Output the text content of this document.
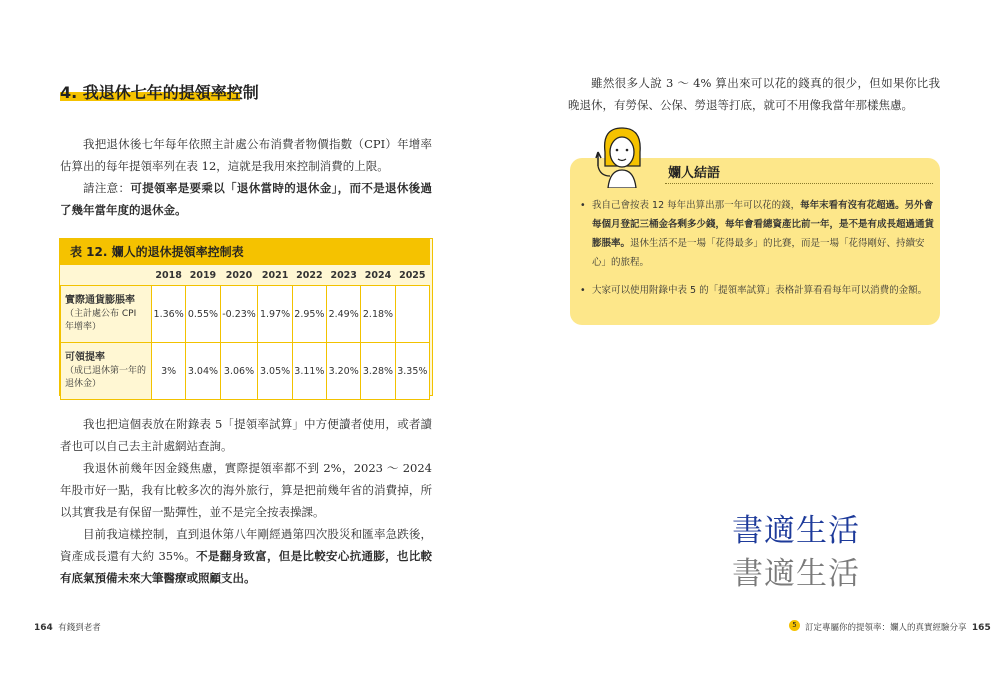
4. 我退休七年的提領率控制
我把退休後七年每年依照主計處公布消費者物價指數（CPI）年增率估算出的每年提領率列在表 12，這就是我用來控制消費的上限。
請注意：可提領率是要乘以「退休當時的退休金」，而不是退休後過了幾年當年度的退休金。
表 12. 孄人的退休提領率控制表
	2018	2019	2020	2021	2022	2023	2024	2025
實際通貨膨脹率
（主計處公布 CPI 年增率）	1.36%	0.55%	-0.23%	1.97%	2.95%	2.49%	2.18%	
可領提率
（成已退休第一年的退休金）	3%	3.04%	3.06%	3.05%	3.11%	3.20%	3.28%	3.35%
我也把這個表放在附錄表 5「提領率試算」中方便讀者使用，或者讀者也可以自己去主計處網站查詢。
我退休前幾年因金錢焦慮，實際提領率都不到 2%，2023 ～ 2024 年股市好一點，我有比較多次的海外旅行，算是把前幾年省的消費掉，所以其實我是有保留一點彈性，並不是完全按表操課。
目前我這樣控制，直到退休第八年剛經過第四次股災和匯率急跌後，資產成長還有大約 35%。不是翻身致富，但是比較安心抗通膨，也比較有底氣預備未來大筆醫療或照顧支出。
164 有錢到老者
雖然很多人說 3 ～ 4% 算出來可以花的錢真的很少，但如果你比我晚退休，有勞保、公保、勞退等打底，就可不用像我當年那樣焦慮。
孄人結語
• 我自己會按表 12 每年出算出那一年可以花的錢，每年末看有沒有花超過。另外會每個月登記三桶金各剩多少錢，每年會看總資產比前一年，是不是有成長超過通貨膨脹率。退休生活不是一場「花得最多」的比賽，而是一場「花得剛好、持續安心」的旅程。
• 大家可以使用附錄中表 5 的「提領率試算」表格計算看看每年可以消費的金額。
書適生活
書適生活
5 訂定專屬你的提領率：孄人的真實經驗分享 165
